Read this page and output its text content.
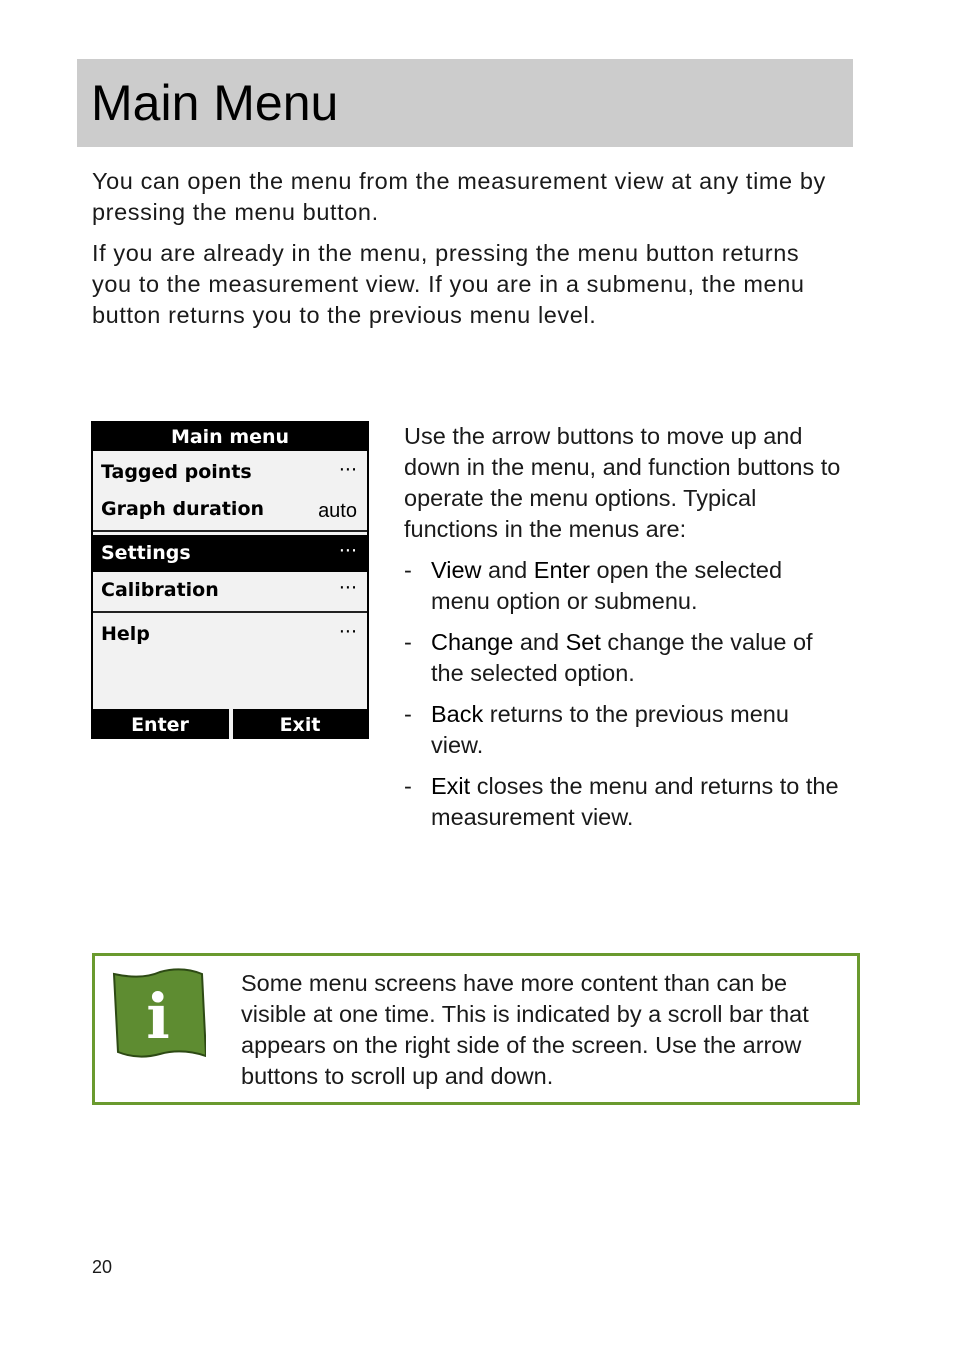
Main Menu

You can open the menu from the measurement view at any time by pressing the menu button.

If you are already in the menu, pressing the menu button returns you to the measurement view. If you are in a submenu, the menu button returns you to the previous menu level.

Main menu
Tagged points	···
Graph duration	auto
Settings	···
Calibration	···
Help	···
Enter	Exit

Use the arrow buttons to move up and down in the menu, and function buttons to operate the menu options. Typical functions in the menus are:

- View and Enter open the selected menu option or submenu.
- Change and Set change the value of the selected option.
- Back returns to the previous menu view.
- Exit closes the menu and returns to the measurement view.
i	Some menu screens have more content than can be visible at one time. This is indicated by a scroll bar that appears on the right side of the screen. Use the arrow buttons to scroll up and down.
20
